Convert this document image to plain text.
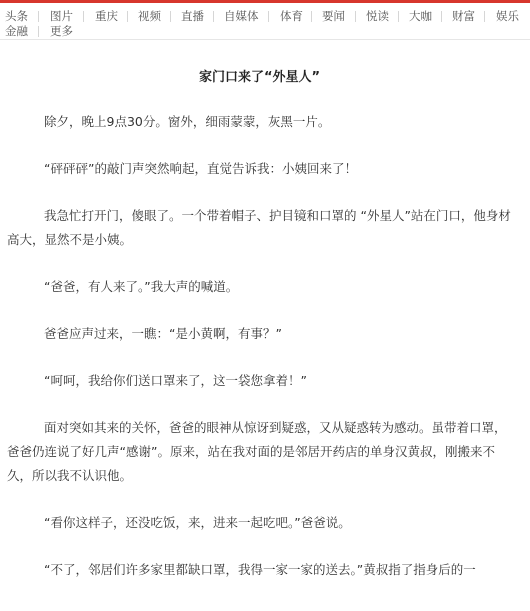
头条 图片 重庆 视频 直播 自媒体 体育 要闻 悦读 大咖 财富 娱乐
金融 更多
家门口来了“外星人”

除夕，晚上9点30分。窗外，细雨蒙蒙，灰黑一片。

“砰砰砰”的敲门声突然响起，直觉告诉我：小姨回来了！

我急忙打开门，傻眼了。一个带着帽子、护目镜和口罩的 “外星人”站在门口，他身材高大，显然不是小姨。

“爸爸，有人来了。”我大声的喊道。

爸爸应声过来，一瞧：“是小黄啊，有事？”

“呵呵，我给你们送口罩来了，这一袋您拿着！”

面对突如其来的关怀，爸爸的眼神从惊讶到疑惑，又从疑惑转为感动。虽带着口罩，爸爸仍连说了好几声“感谢”。原来，站在我对面的是邻居开药店的单身汉黄叔，刚搬来不久，所以我不认识他。

“看你这样子，还没吃饭，来，进来一起吃吧。”爸爸说。

“不了，邻居们许多家里都缺口罩，我得一家一家的送去。”黄叔指了指身后的一
